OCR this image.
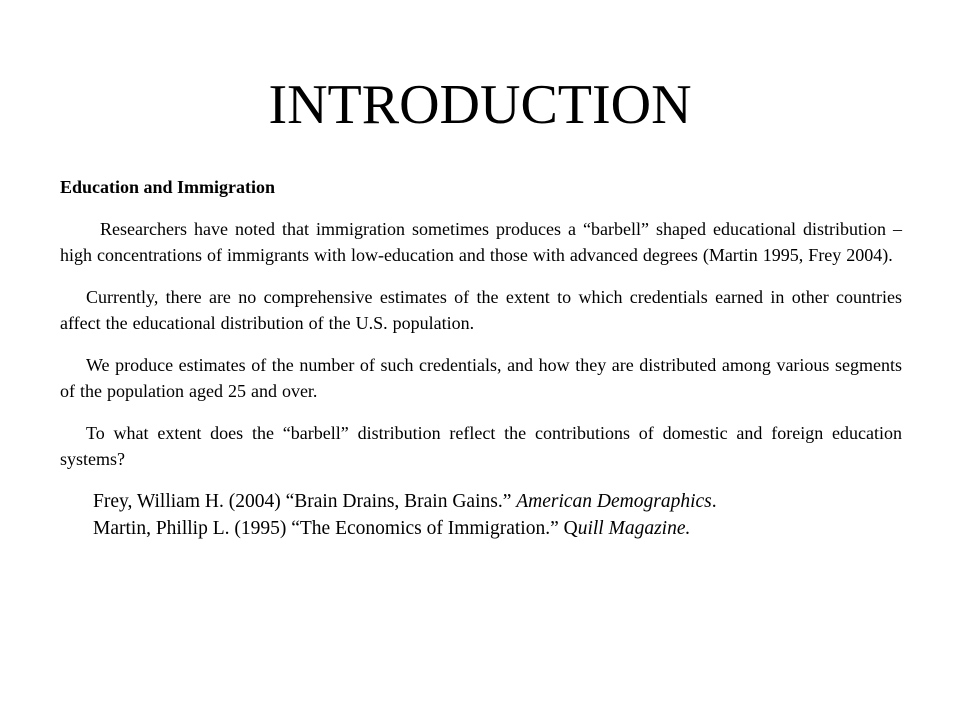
INTRODUCTION
Education and Immigration

Researchers have noted that immigration sometimes produces a “barbell” shaped educational distribution – high concentrations of immigrants with low-education and those with advanced degrees (Martin 1995, Frey 2004).

Currently, there are no comprehensive estimates of the extent to which credentials earned in other countries affect the educational distribution of the U.S. population.

We produce estimates of the number of such credentials, and how they are distributed among various segments of the population aged 25 and over.

To what extent does the “barbell” distribution reflect the contributions of domestic and foreign education systems?

Frey, William H. (2004) “Brain Drains, Brain Gains.” American Demographics.
Martin, Phillip L. (1995) “The Economics of Immigration.” Quill Magazine.
